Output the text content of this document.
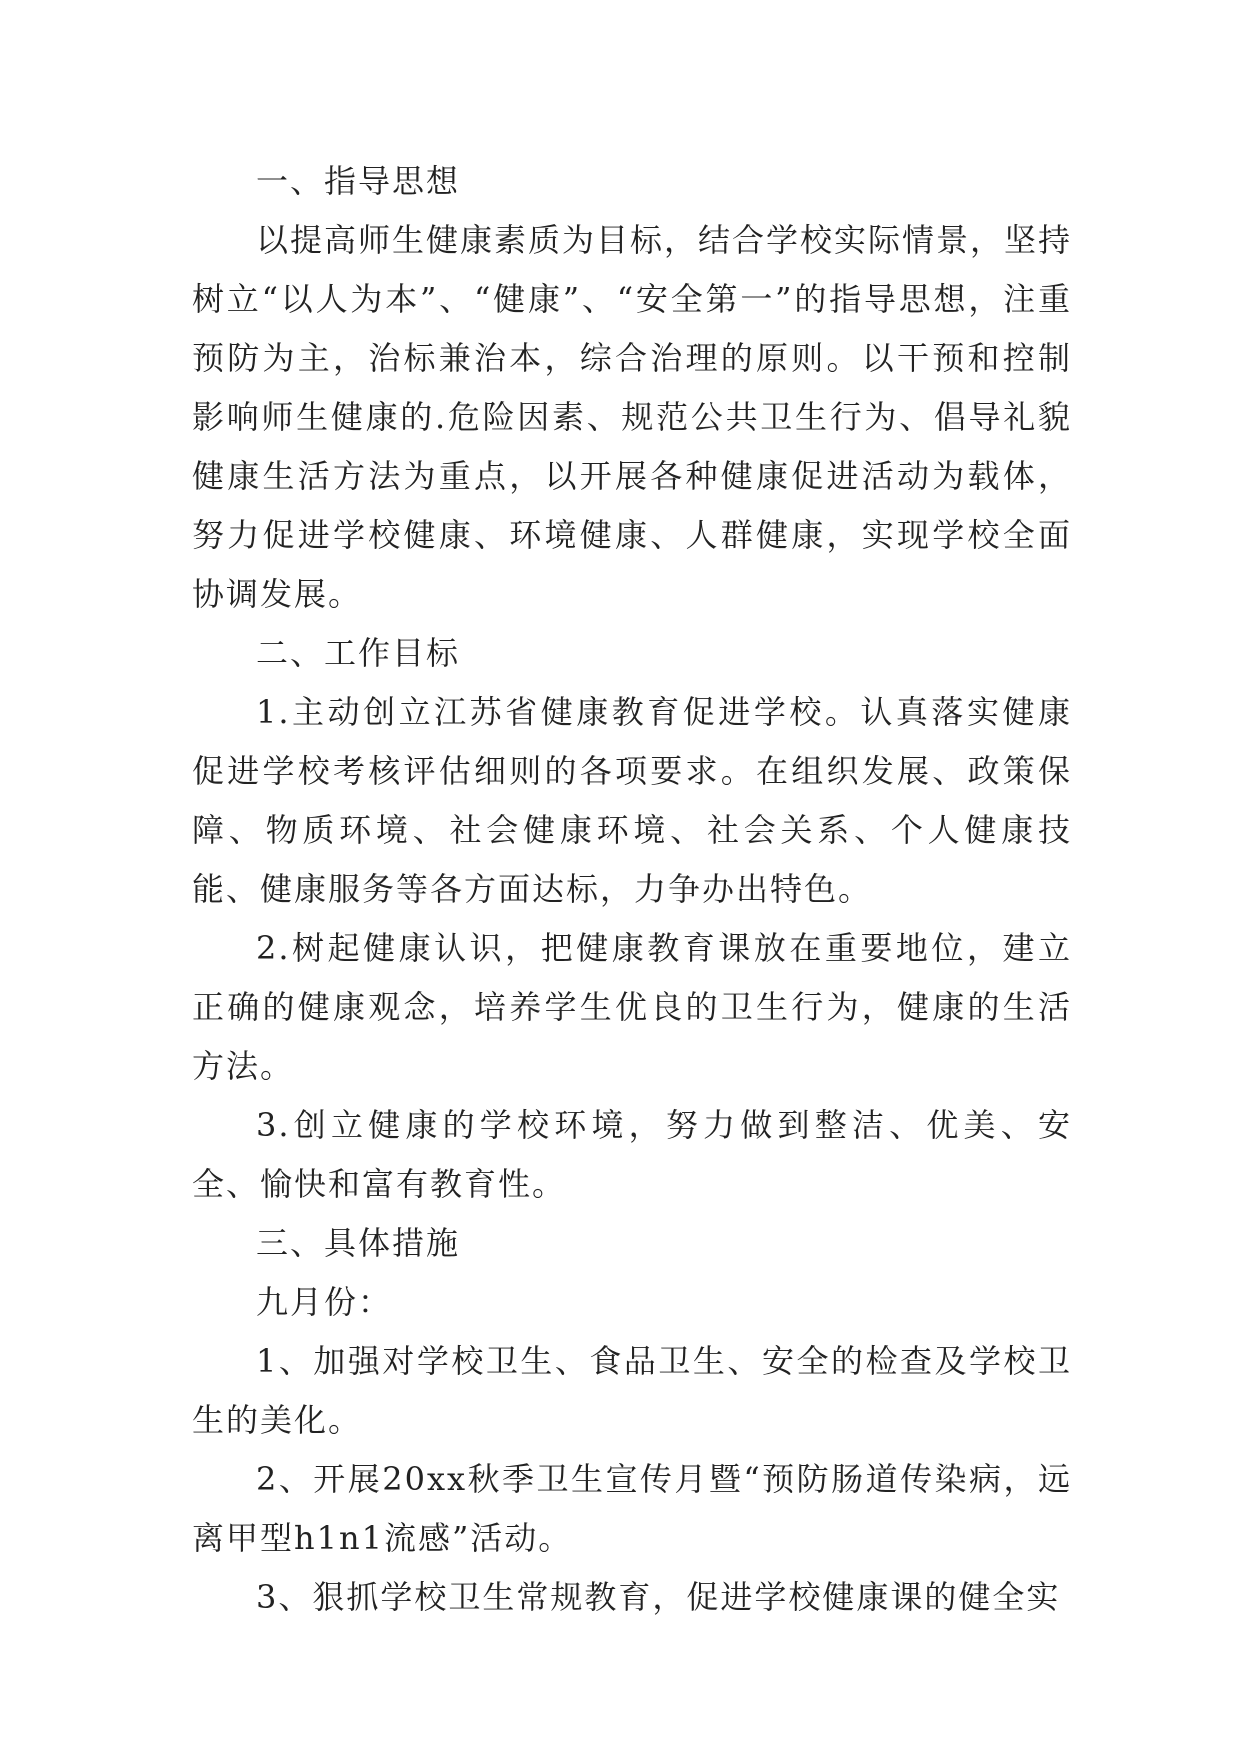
一、指导思想

以提高师生健康素质为目标，结合学校实际情景，坚持树立“以人为本”、“健康”、“安全第一”的指导思想，注重预防为主，治标兼治本，综合治理的原则。以干预和控制影响师生健康的.危险因素、规范公共卫生行为、倡导礼貌健康生活方法为重点，以开展各种健康促进活动为载体，努力促进学校健康、环境健康、人群健康，实现学校全面协调发展。

二、工作目标

1.主动创立江苏省健康教育促进学校。认真落实健康促进学校考核评估细则的各项要求。在组织发展、政策保障、物质环境、社会健康环境、社会关系、个人健康技能、健康服务等各方面达标，力争办出特色。

2.树起健康认识，把健康教育课放在重要地位，建立正确的健康观念，培养学生优良的卫生行为，健康的生活方法。

3.创立健康的学校环境，努力做到整洁、优美、安全、愉快和富有教育性。

三、具体措施

九月份：

1、加强对学校卫生、食品卫生、安全的检查及学校卫生的美化。

2、开展20xx秋季卫生宣传月暨“预防肠道传染病，远离甲型h1n1流感”活动。

3、狠抓学校卫生常规教育，促进学校健康课的健全实
